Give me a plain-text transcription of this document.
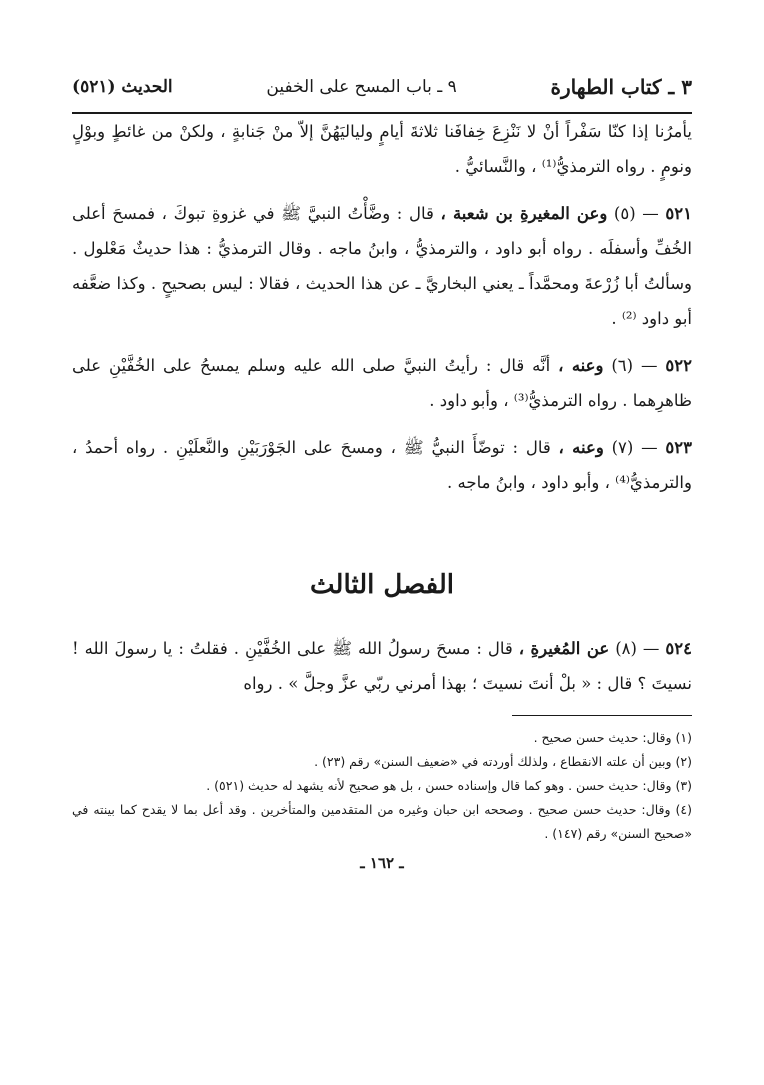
٣ ـ كتاب الطهارة
٩ ـ باب المسح على الخفين
الحديث (٥٢١)

يأمرُنا إذا كنّا سَفْراً أنْ لا نَنْزِعَ خِفافَنا ثلاثةَ أيامٍ ولياليَهُنَّ إلاّ منْ جَنابةٍ ، ولكنْ من غائطٍ وبوْلٍ ونومٍ . رواه الترمذيُّ⁽¹⁾ ، والنَّسائيُّ .

٥٢١ — (٥) وعن المغيرةِ بن شعبة ، قال : وضَّأْتُ النبيَّ ﷺ في غزوةِ تبوكَ ، فمسحَ أعلى الخُفِّ وأسفلَه . رواه أبو داود ، والترمذيُّ ، وابنُ ماجه . وقال الترمذيُّ : هذا حديثٌ مَعْلول . وسألتُ أبا زُرْعةَ ومحمَّداً ـ يعني البخاريَّ ـ عن هذا الحديث ، فقالا : ليس بصحيحٍ . وكذا ضعَّفه أبو داود ⁽²⁾ .

٥٢٢ — (٦) وعنه ، أنَّه قال : رأيتُ النبيَّ صلى الله عليه وسلم يمسحُ على الخُفَّيْنِ على ظاهرِهما . رواه الترمذيُّ⁽³⁾ ، وأبو داود .

٥٢٣ — (٧) وعنه ، قال : توضّأَ النبيُّ ﷺ ، ومسحَ على الجَوْرَبَيْنِ والنَّعلَيْنِ . رواه أحمدُ ، والترمذيُّ⁽⁴⁾ ، وأبو داود ، وابنُ ماجه .

الفصل الثالث

٥٢٤ — (٨) عن المُغيرةِ ، قال : مسحَ رسولُ الله ﷺ على الخُفَّيْنِ . فقلتُ : يا رسولَ الله ! نسيتَ ؟ قال : « بلْ أنتَ نسيتَ ؛ بهذا أمرني ربّي عزَّ وجلَّ » . رواه

(١) وقال: حديث حسن صحيح .

(٢) وبين أن علته الانقطاع ، ولذلك أوردته في «ضعيف السنن» رقم (٢٣) .

(٣) وقال: حديث حسن . وهو كما قال وإسناده حسن ، بل هو صحيح لأنه يشهد له حديث (٥٢١) .

(٤) وقال: حديث حسن صحيح . وصححه ابن حبان وغيره من المتقدمين والمتأخرين . وقد أعل بما لا يقدح كما بينته في «صحيح السنن» رقم (١٤٧) .

ـ ١٦٢ ـ
